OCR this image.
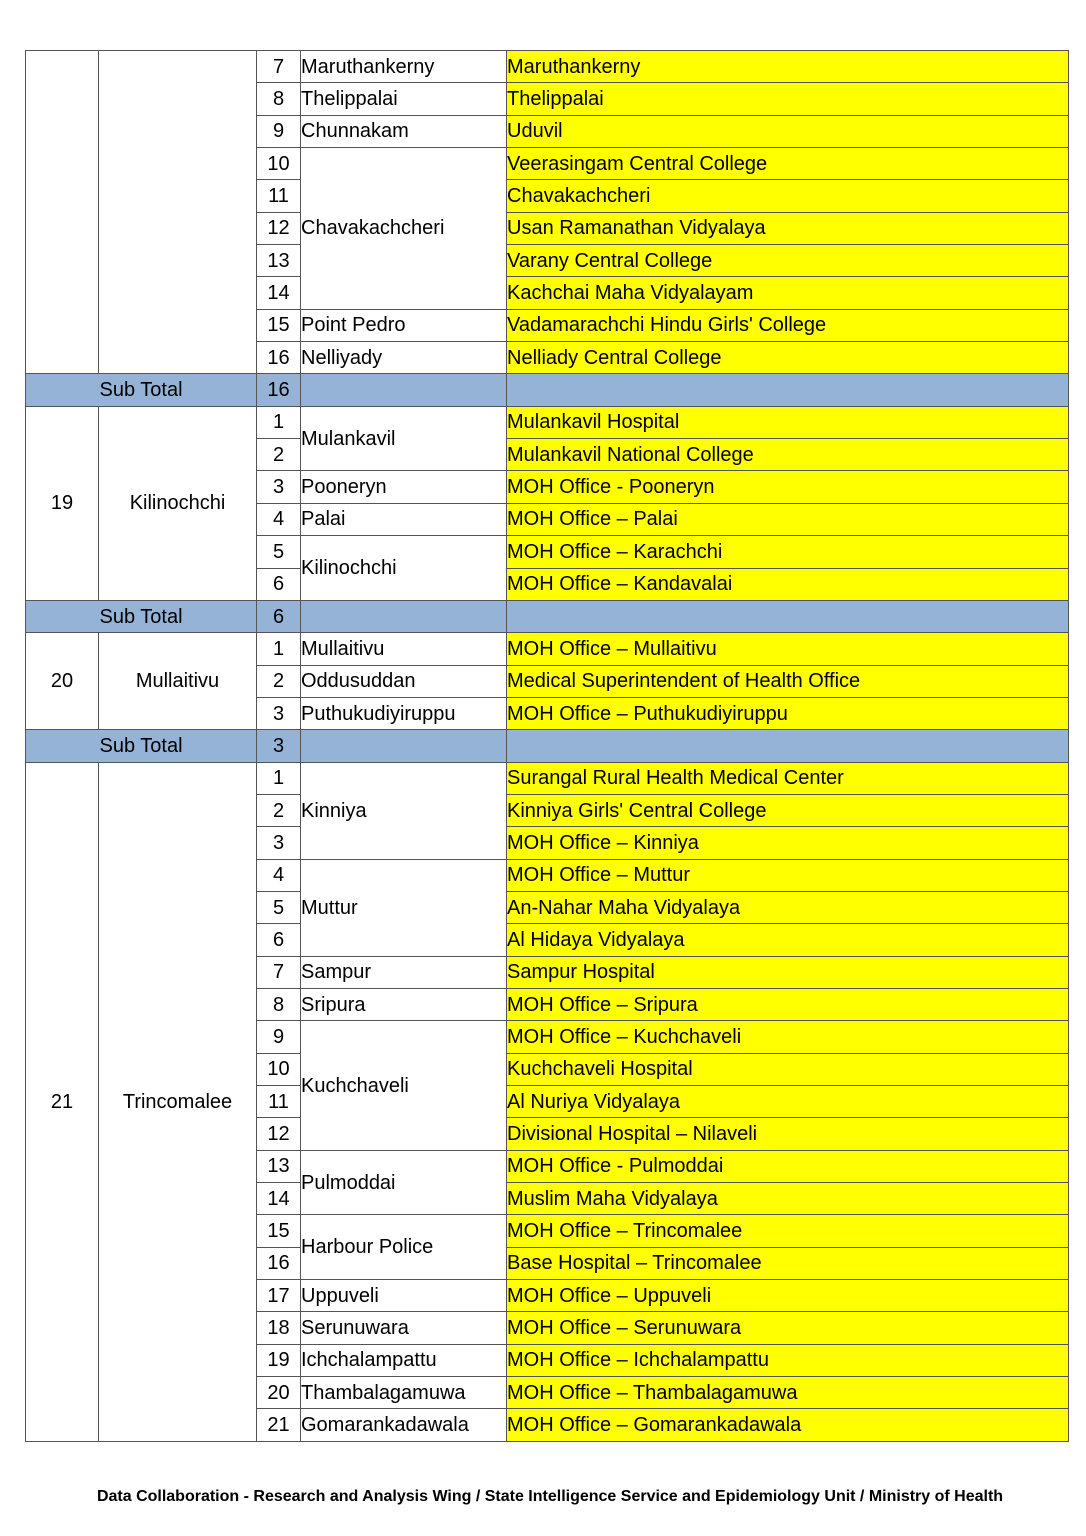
		7	Maruthankerny	Maruthankerny
		8	Thelippalai	Thelippalai
		9	Chunnakam	Uduvil
		10	Chavakachcheri	Veerasingam Central College
		11		Chavakachcheri
		12		Usan Ramanathan Vidyalaya
		13		Varany Central College
		14		Kachchai Maha Vidyalayam
		15	Point Pedro	Vadamarachchi Hindu Girls' College
		16	Nelliyady	Nelliady Central College
Sub Total		16		
19	Kilinochchi	1	Mulankavil	Mulankavil Hospital
		2		Mulankavil National College
		3	Pooneryn	MOH Office - Pooneryn
		4	Palai	MOH Office – Palai
		5	Kilinochchi	MOH Office – Karachchi
		6		MOH Office – Kandavalai
Sub Total		6		
20	Mullaitivu	1	Mullaitivu	MOH Office – Mullaitivu
		2	Oddusuddan	Medical Superintendent of Health Office
		3	Puthukudiyiruppu	MOH Office – Puthukudiyiruppu
Sub Total		3		
21	Trincomalee	1	Kinniya	Surangal Rural Health Medical Center
		2		Kinniya Girls' Central College
		3		MOH Office – Kinniya
		4	Muttur	MOH Office – Muttur
		5		An-Nahar Maha Vidyalaya
		6		Al Hidaya Vidyalaya
		7	Sampur	Sampur Hospital
		8	Sripura	MOH Office – Sripura
		9	Kuchchaveli	MOH Office – Kuchchaveli
		10		Kuchchaveli Hospital
		11		Al Nuriya Vidyalaya
		12		Divisional Hospital – Nilaveli
		13	Pulmoddai	MOH Office - Pulmoddai
		14		Muslim Maha Vidyalaya
		15	Harbour Police	MOH Office – Trincomalee
		16		Base Hospital – Trincomalee
		17	Uppuveli	MOH Office – Uppuveli
		18	Serunuwara	MOH Office – Serunuwara
		19	Ichchalampattu	MOH Office – Ichchalampattu
		20	Thambalagamuwa	MOH Office – Thambalagamuwa
		21	Gomarankadawala	MOH Office – Gomarankadawala
Data Collaboration - Research and Analysis Wing / State Intelligence Service and Epidemiology Unit / Ministry of Health
